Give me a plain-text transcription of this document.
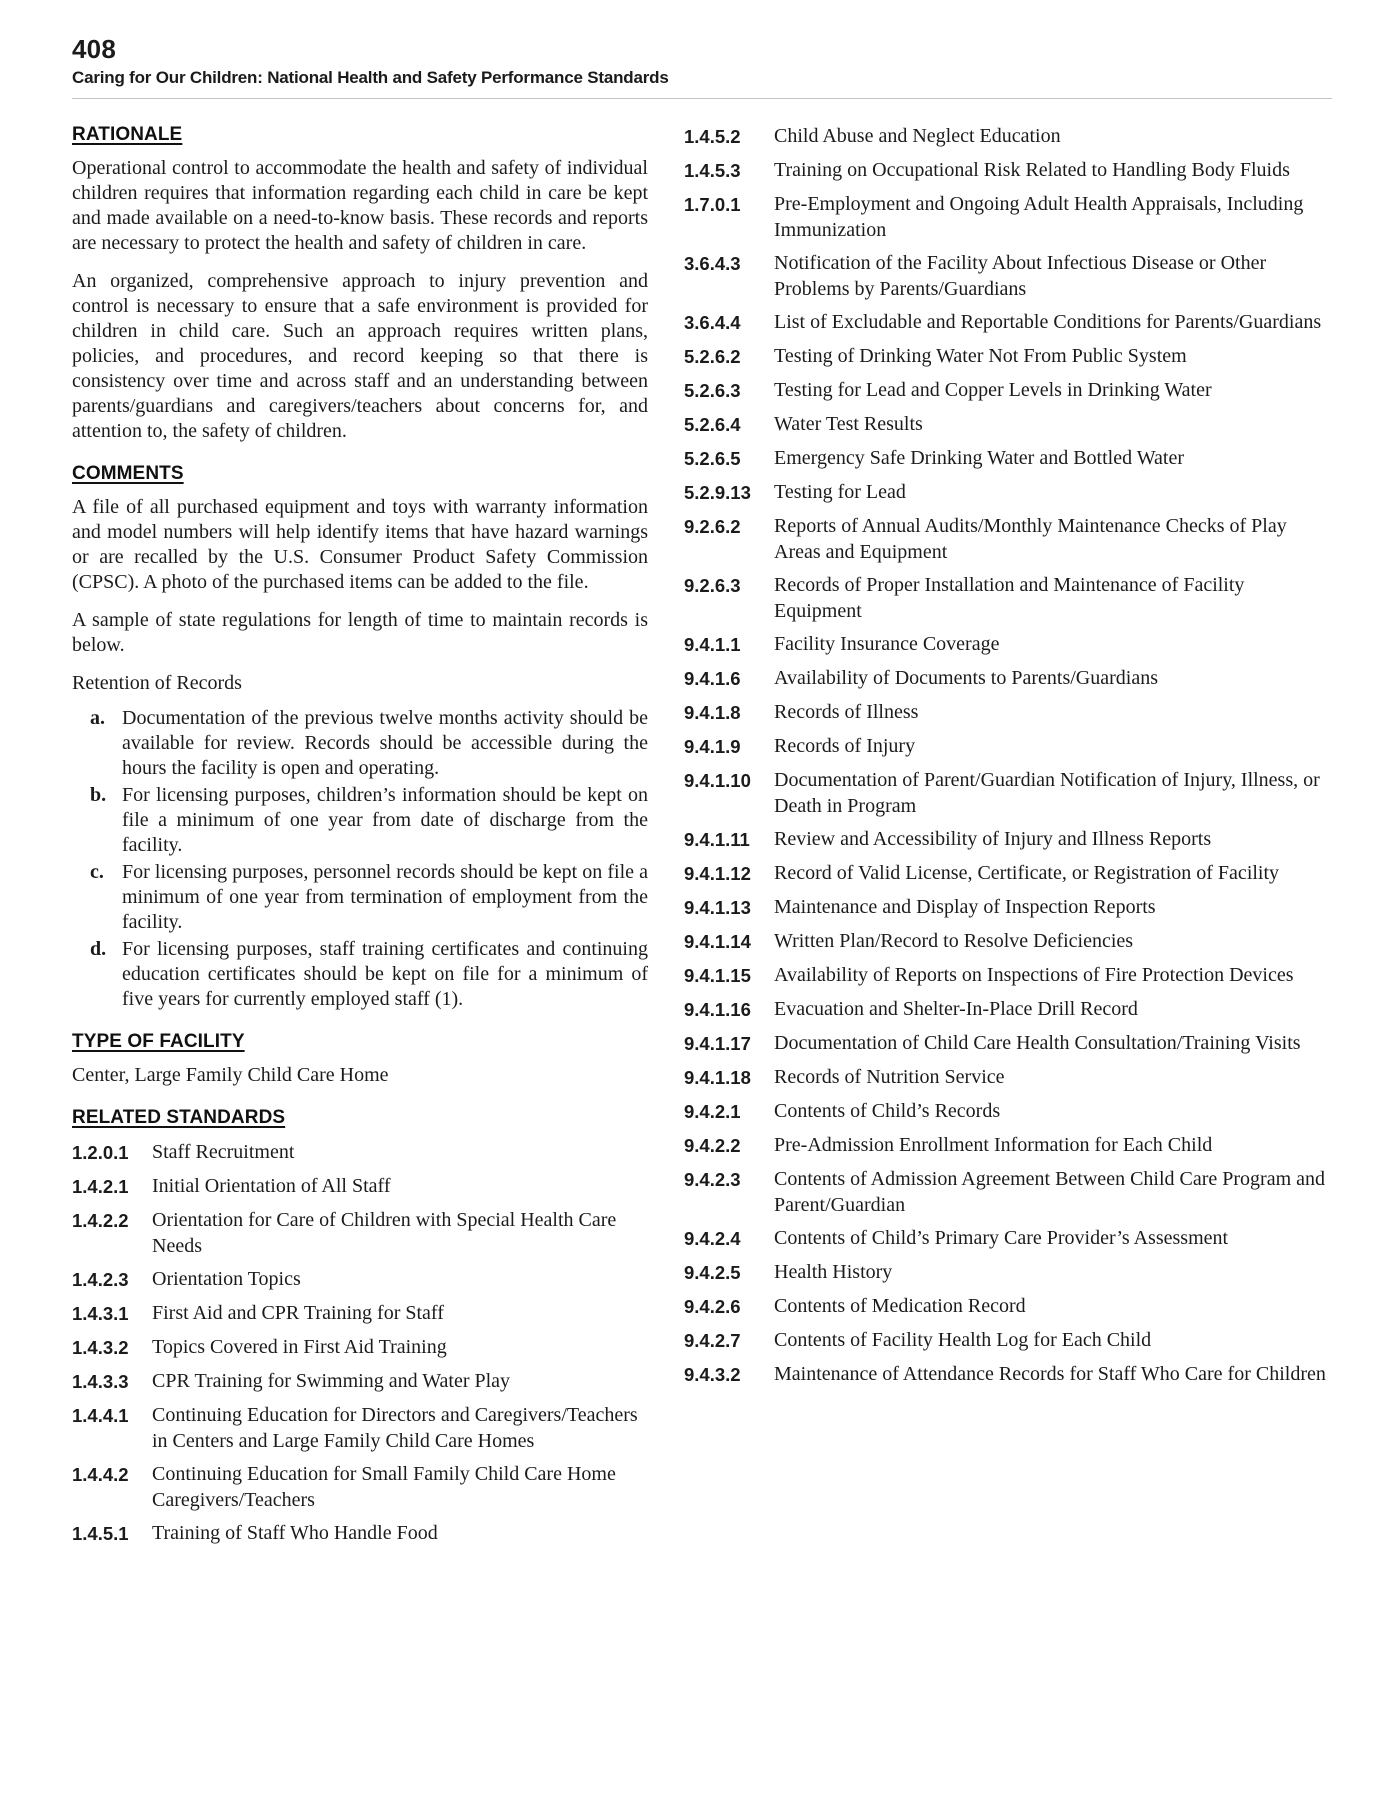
408
Caring for Our Children: National Health and Safety Performance Standards
RATIONALE

Operational control to accommodate the health and safety of individual children requires that information regarding each child in care be kept and made available on a need-to-know basis. These records and reports are necessary to protect the health and safety of children in care.

An organized, comprehensive approach to injury prevention and control is necessary to ensure that a safe environment is provided for children in child care. Such an approach requires written plans, policies, and procedures, and record keeping so that there is consistency over time and across staff and an understanding between parents/guardians and caregivers/teachers about concerns for, and attention to, the safety of children.

COMMENTS

A file of all purchased equipment and toys with warranty information and model numbers will help identify items that have hazard warnings or are recalled by the U.S. Consumer Product Safety Commission (CPSC). A photo of the purchased items can be added to the file.

A sample of state regulations for length of time to maintain records is below.

Retention of Records

a. Documentation of the previous twelve months activity should be available for review. Records should be accessible during the hours the facility is open and operating.
b. For licensing purposes, children’s information should be kept on file a minimum of one year from date of discharge from the facility.
c. For licensing purposes, personnel records should be kept on file a minimum of one year from termination of employment from the facility.
d. For licensing purposes, staff training certificates and continuing education certificates should be kept on file for a minimum of five years for currently employed staff (1).
TYPE OF FACILITY

Center, Large Family Child Care Home

RELATED STANDARDS
1.2.0.1	Staff Recruitment
1.4.2.1	Initial Orientation of All Staff
1.4.2.2	Orientation for Care of Children with Special Health Care Needs
1.4.2.3	Orientation Topics
1.4.3.1	First Aid and CPR Training for Staff
1.4.3.2	Topics Covered in First Aid Training
1.4.3.3	CPR Training for Swimming and Water Play
1.4.4.1	Continuing Education for Directors and Caregivers/Teachers in Centers and Large Family Child Care Homes
1.4.4.2	Continuing Education for Small Family Child Care Home Caregivers/Teachers
1.4.5.1	Training of Staff Who Handle Food
1.4.5.2	Child Abuse and Neglect Education
1.4.5.3	Training on Occupational Risk Related to Handling Body Fluids
1.7.0.1	Pre-Employment and Ongoing Adult Health Appraisals, Including Immunization
3.6.4.3	Notification of the Facility About Infectious Disease or Other Problems by Parents/Guardians
3.6.4.4	List of Excludable and Reportable Conditions for Parents/Guardians
5.2.6.2	Testing of Drinking Water Not From Public System
5.2.6.3	Testing for Lead and Copper Levels in Drinking Water
5.2.6.4	Water Test Results
5.2.6.5	Emergency Safe Drinking Water and Bottled Water
5.2.9.13	Testing for Lead
9.2.6.2	Reports of Annual Audits/Monthly Maintenance Checks of Play Areas and Equipment
9.2.6.3	Records of Proper Installation and Maintenance of Facility Equipment
9.4.1.1	Facility Insurance Coverage
9.4.1.6	Availability of Documents to Parents/Guardians
9.4.1.8	Records of Illness
9.4.1.9	Records of Injury
9.4.1.10	Documentation of Parent/Guardian Notification of Injury, Illness, or Death in Program
9.4.1.11	Review and Accessibility of Injury and Illness Reports
9.4.1.12	Record of Valid License, Certificate, or Registration of Facility
9.4.1.13	Maintenance and Display of Inspection Reports
9.4.1.14	Written Plan/Record to Resolve Deficiencies
9.4.1.15	Availability of Reports on Inspections of Fire Protection Devices
9.4.1.16	Evacuation and Shelter-In-Place Drill Record
9.4.1.17	Documentation of Child Care Health Consultation/Training Visits
9.4.1.18	Records of Nutrition Service
9.4.2.1	Contents of Child’s Records
9.4.2.2	Pre-Admission Enrollment Information for Each Child
9.4.2.3	Contents of Admission Agreement Between Child Care Program and Parent/Guardian
9.4.2.4	Contents of Child’s Primary Care Provider’s Assessment
9.4.2.5	Health History
9.4.2.6	Contents of Medication Record
9.4.2.7	Contents of Facility Health Log for Each Child
9.4.3.2	Maintenance of Attendance Records for Staff Who Care for Children
